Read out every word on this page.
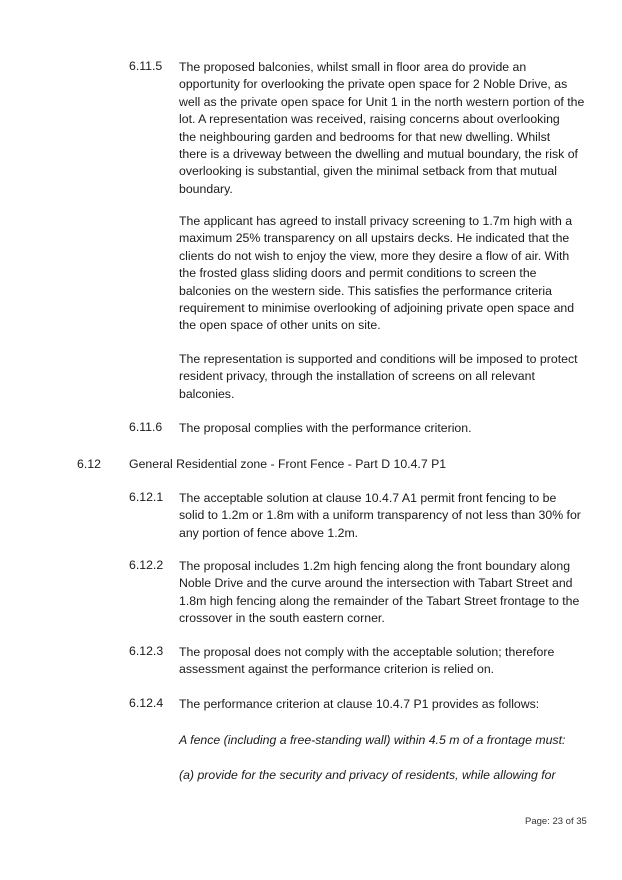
6.11.5 The proposed balconies, whilst small in floor area do provide an
opportunity for overlooking the private open space for 2 Noble Drive, as
well as the private open space for Unit 1 in the north western portion of the
lot. A representation was received, raising concerns about overlooking
the neighbouring garden and bedrooms for that new dwelling. Whilst
there is a driveway between the dwelling and mutual boundary, the risk of
overlooking is substantial, given the minimal setback from that mutual
boundary.
The applicant has agreed to install privacy screening to 1.7m high with a
maximum 25% transparency on all upstairs decks. He indicated that the
clients do not wish to enjoy the view, more they desire a flow of air. With
the frosted glass sliding doors and permit conditions to screen the
balconies on the western side. This satisfies the performance criteria
requirement to minimise overlooking of adjoining private open space and
the open space of other units on site.
The representation is supported and conditions will be imposed to protect
resident privacy, through the installation of screens on all relevant
balconies.
6.11.6 The proposal complies with the performance criterion.
6.12 General Residential zone - Front Fence - Part D 10.4.7 P1
6.12.1 The acceptable solution at clause 10.4.7 A1 permit front fencing to be
solid to 1.2m or 1.8m with a uniform transparency of not less than 30% for
any portion of fence above 1.2m.
6.12.2 The proposal includes 1.2m high fencing along the front boundary along
Noble Drive and the curve around the intersection with Tabart Street and
1.8m high fencing along the remainder of the Tabart Street frontage to the
crossover in the south eastern corner.
6.12.3 The proposal does not comply with the acceptable solution; therefore
assessment against the performance criterion is relied on.
6.12.4 The performance criterion at clause 10.4.7 P1 provides as follows:
A fence (including a free-standing wall) within 4.5 m of a frontage must:
(a) provide for the security and privacy of residents, while allowing for
Page: 23 of 35
